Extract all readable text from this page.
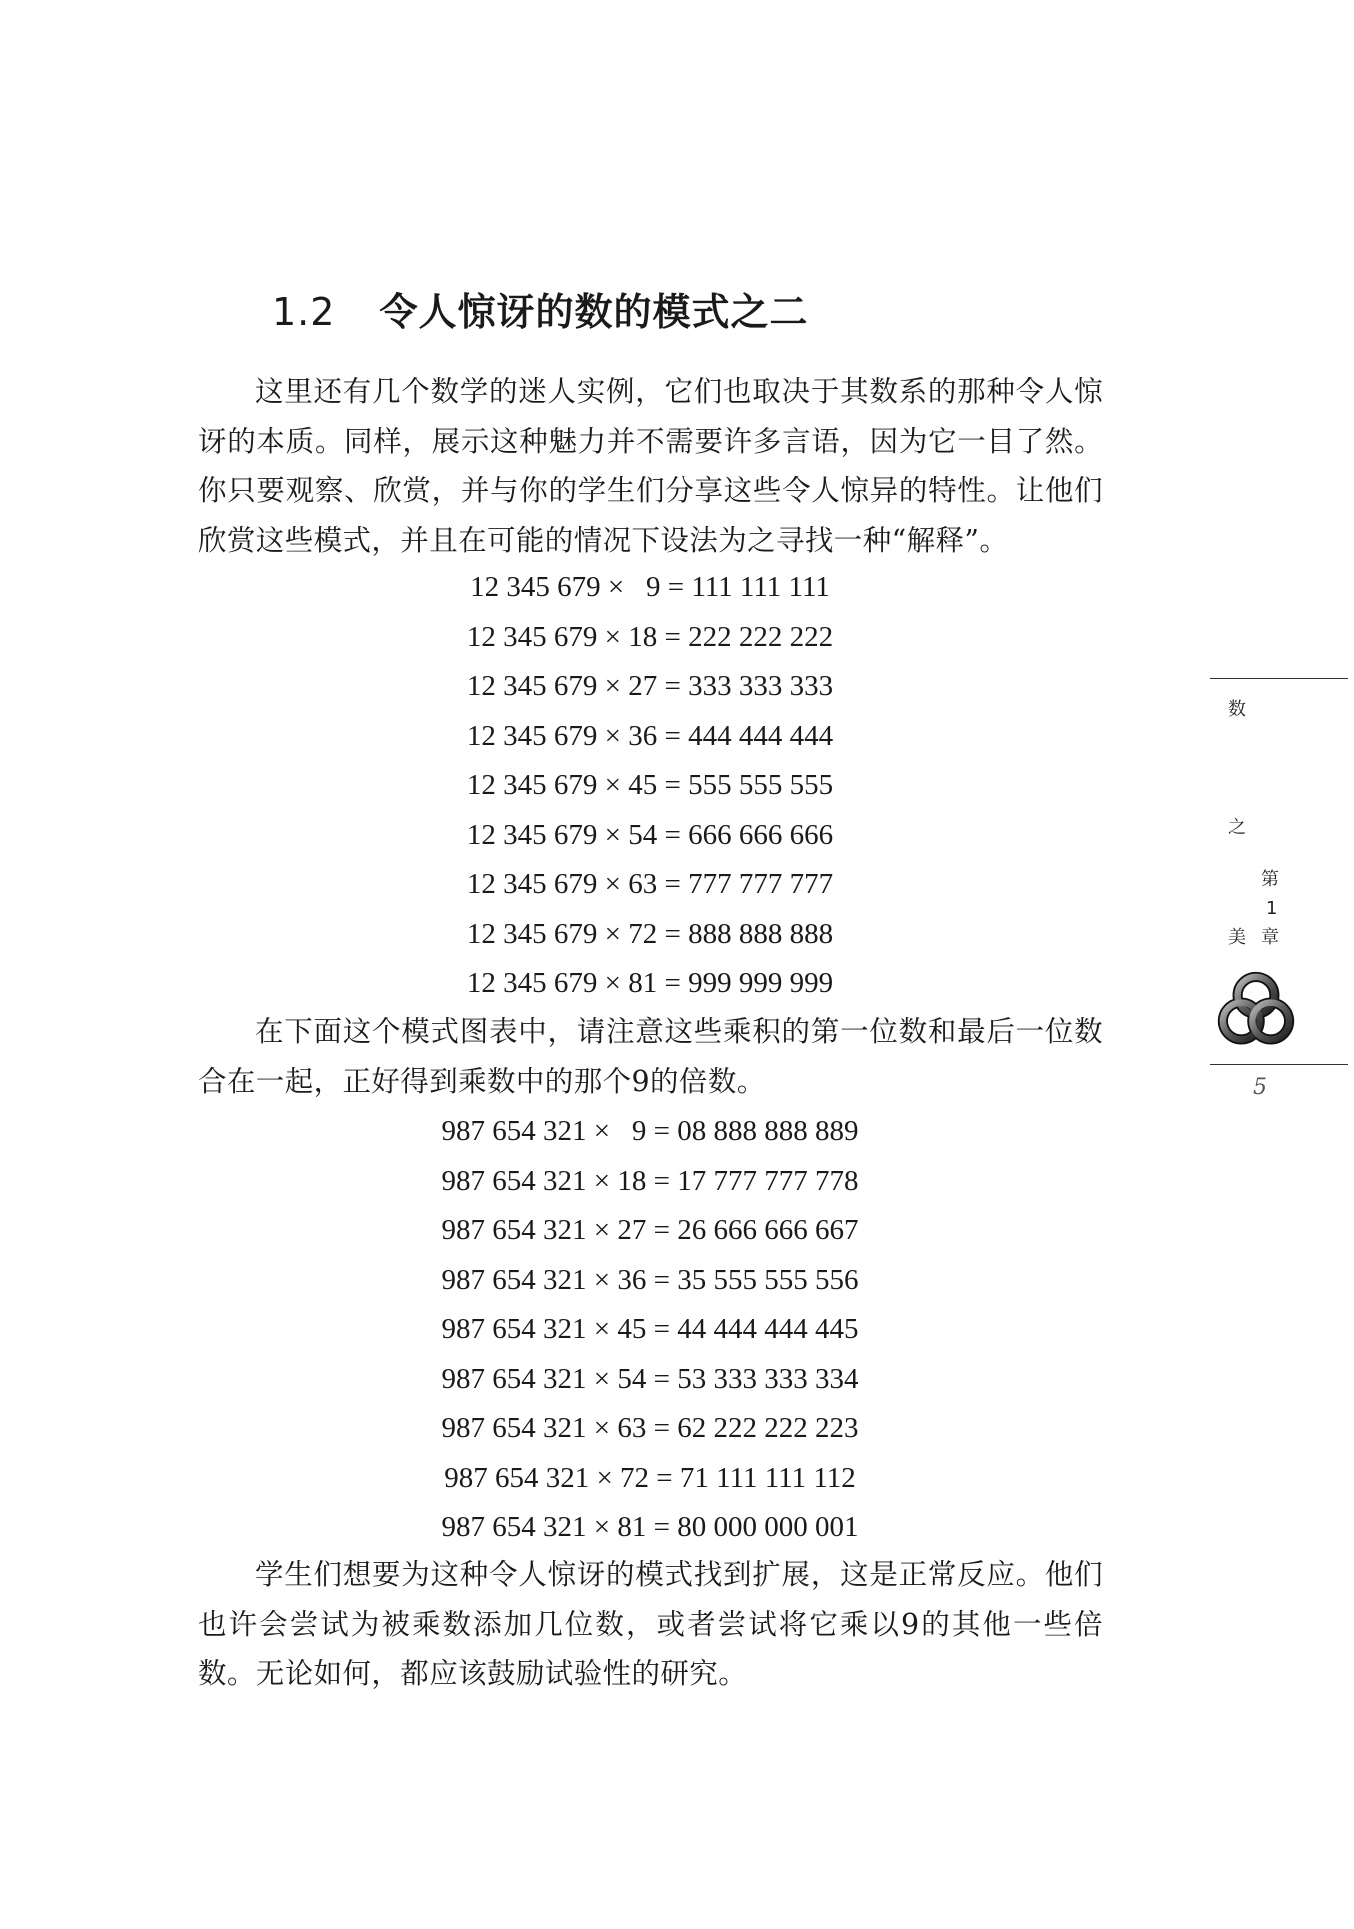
1.2 令人惊讶的数的模式之二

这里还有几个数学的迷人实例，它们也取决于其数系的那种令人惊讶的本质。同样，展示这种魅力并不需要许多言语，因为它一目了然。你只要观察、欣赏，并与你的学生们分享这些令人惊异的特性。让他们欣赏这些模式，并且在可能的情况下设法为之寻找一种“解释”。

12 345 679 ×   9 = 111 111 111
12 345 679 × 18 = 222 222 222
12 345 679 × 27 = 333 333 333
12 345 679 × 36 = 444 444 444
12 345 679 × 45 = 555 555 555
12 345 679 × 54 = 666 666 666
12 345 679 × 63 = 777 777 777
12 345 679 × 72 = 888 888 888
12 345 679 × 81 = 999 999 999

在下面这个模式图表中，请注意这些乘积的第一位数和最后一位数合在一起，正好得到乘数中的那个9的倍数。

987 654 321 ×   9 = 08 888 888 889
987 654 321 × 18 = 17 777 777 778
987 654 321 × 27 = 26 666 666 667
987 654 321 × 36 = 35 555 555 556
987 654 321 × 45 = 44 444 444 445
987 654 321 × 54 = 53 333 333 334
987 654 321 × 63 = 62 222 222 223
987 654 321 × 72 = 71 111 111 112
987 654 321 × 81 = 80 000 000 001

学生们想要为这种令人惊讶的模式找到扩展，这是正常反应。他们也许会尝试为被乘数添加几位数，或者尝试将它乘以9的其他一些倍数。无论如何，都应该鼓励试验性的研究。

数
之
美
第
1
章
5
